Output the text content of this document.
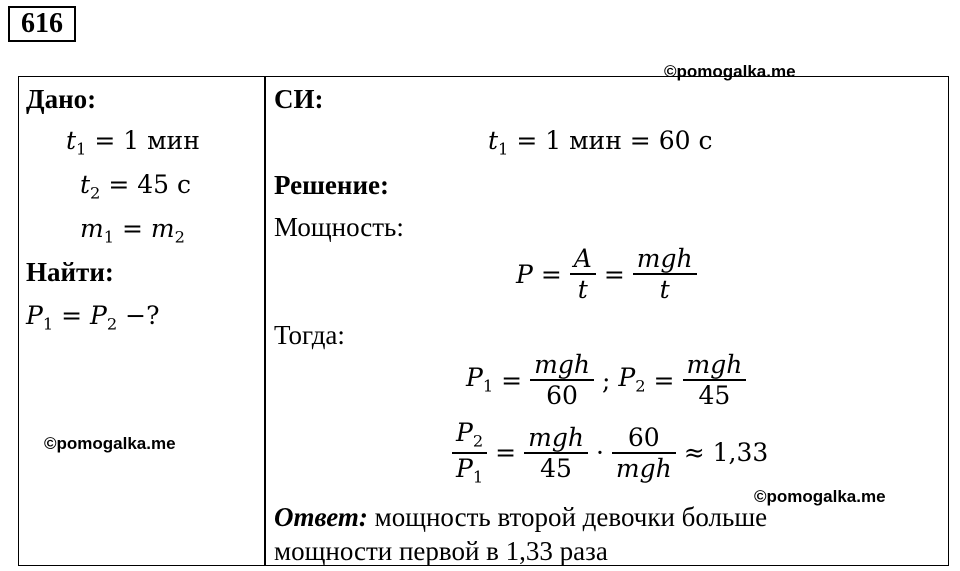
616
©pomogalka.me
©pomogalka.me
©pomogalka.me
Дано:
$t_1 = 1$ мин
$t_2 = 45$ с
$m_1 = m_2$
Найти:
$P_1 = P_2$ −?
СИ:
$t_1 = 1$ мин = 60 с
Решение:
Мощность:
$P = \frac{A}{t} = \frac{\text{mgh}}{t}$
Тогда:
$P_1 = \frac{\text{mgh}}{60}$ ; $P_2 = \frac{\text{mgh}}{45}$
$\frac{P_2}{P_1} = \frac{\text{mgh}}{45} \cdot \frac{60}{\text{mgh}} \approx 1,33$
Ответ: мощность второй девочки больше
мощности первой в 1,33 раза
